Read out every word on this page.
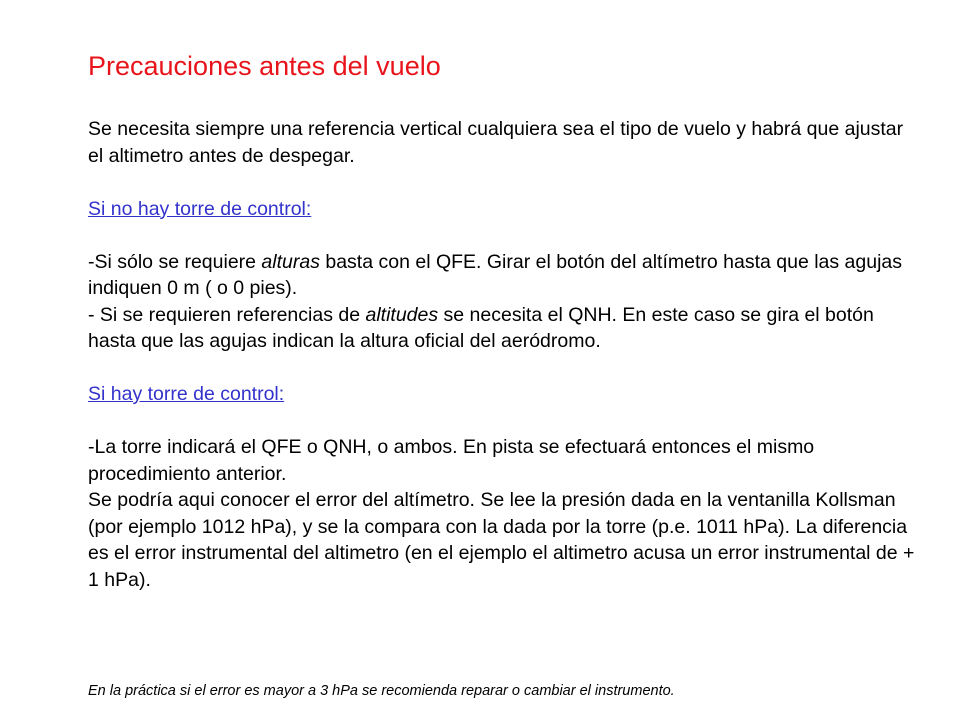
Precauciones antes del vuelo

Se necesita siempre una referencia vertical cualquiera sea el tipo de vuelo y habrá que ajustar el altimetro antes de despegar.

Si no hay torre de control:

-Si sólo se requiere alturas basta con el QFE. Girar el botón del altímetro hasta que las agujas indiquen 0 m ( o 0 pies).

- Si se requieren referencias de altitudes se necesita el QNH. En este caso se gira el botón hasta que las agujas indican la altura oficial del aeródromo.

Si hay torre de control:

-La torre indicará el QFE o QNH, o ambos. En pista se efectuará entonces el mismo procedimiento anterior.

Se podría aqui conocer el error del altímetro. Se lee la presión dada en la ventanilla Kollsman (por ejemplo 1012 hPa), y se la compara con la dada por la torre (p.e. 1011 hPa). La diferencia es el error instrumental del altimetro (en el ejemplo el altimetro acusa un error instrumental de + 1 hPa).

En la práctica si el error es mayor a 3 hPa se recomienda reparar o cambiar el instrumento.
